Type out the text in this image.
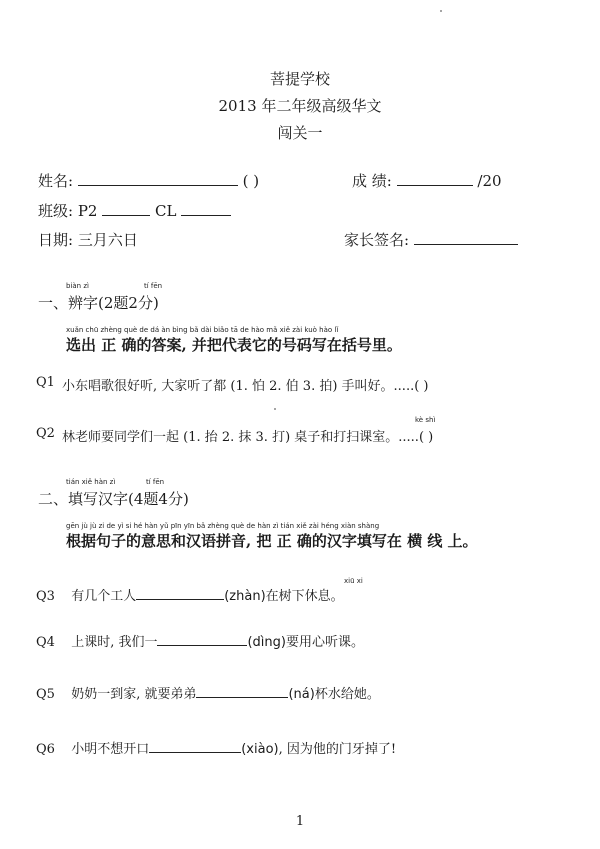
菩提学校
2013 年二年级高级华文
闯关一
姓名:	( )	成 绩:	/20
班级: P2	CL
日期: 三月六日	家长签名:
biàn zì	tí fēn
一、辨字(2题2分)
xuǎn chū zhèng què de dá àn bìng bǎ dài biǎo tā de hào mǎ xiě zài kuò hào lǐ
选出 正 确的答案, 并把代表它的号码写在括号里。
Q1 小东唱歌很好听, 大家听了都 (1. 怕 2. 伯 3. 拍) 手叫好。.....( )
kè shì
Q2 林老师要同学们一起 (1. 抬 2. 抹 3. 打) 桌子和打扫课室。.....( )
tián xiě hàn zì	tí fēn
二、填写汉字(4题4分)
gēn jù jù zi de yì si hé hàn yǔ pīn yīn bǎ zhèng què de hàn zì tián xiě zài héng xiàn shàng
根据句子的意思和汉语拼音, 把 正 确的汉字填写在 横 线 上。
xiū xi
Q3 有几个工人	(zhàn)在树下休息。
Q4 上课时, 我们一	(dìng)要用心听课。
Q5 奶奶一到家, 就要弟弟	(ná)杯水给她。
Q6 小明不想开口	(xiào), 因为他的门牙掉了!
1
